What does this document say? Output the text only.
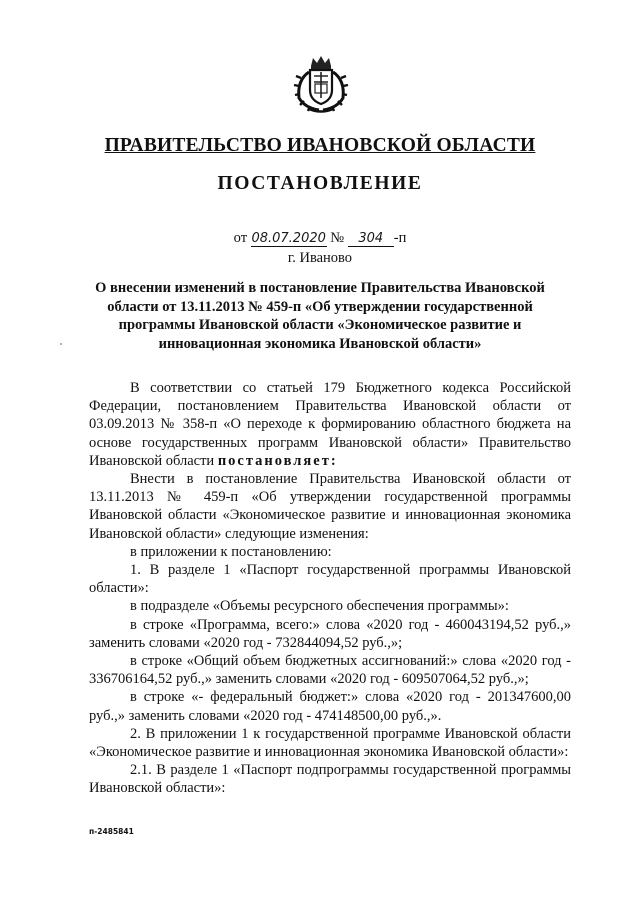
ПРАВИТЕЛЬСТВО ИВАНОВСКОЙ ОБЛАСТИ
ПОСТАНОВЛЕНИЕ
от 08.07.2020 № 304 -п
г. Иваново
О внесении изменений в постановление Правительства Ивановской области от 13.11.2013 № 459-п «Об утверждении государственной программы Ивановской области «Экономическое развитие и инновационная экономика Ивановской области»

В соответствии со статьей 179 Бюджетного кодекса Российской Федерации, постановлением Правительства Ивановской области от 03.09.2013 № 358-п «О переходе к формированию областного бюджета на основе государственных программ Ивановской области» Правительство Ивановской области постановляет:

Внести в постановление Правительства Ивановской области от 13.11.2013 № 459-п «Об утверждении государственной программы Ивановской области «Экономическое развитие и инновационная экономика Ивановской области» следующие изменения:

в приложении к постановлению:

1. В разделе 1 «Паспорт государственной программы Ивановской области»:

в подразделе «Объемы ресурсного обеспечения программы»:

в строке «Программа, всего:» слова «2020 год - 460043194,52 руб.,» заменить словами «2020 год - 732844094,52 руб.,»;

в строке «Общий объем бюджетных ассигнований:» слова «2020 год - 336706164,52 руб.,» заменить словами «2020 год - 609507064,52 руб.,»;

в строке «- федеральный бюджет:» слова «2020 год - 201347600,00 руб.,» заменить словами «2020 год - 474148500,00 руб.,».

2. В приложении 1 к государственной программе Ивановской области «Экономическое развитие и инновационная экономика Ивановской области»:

2.1. В разделе 1 «Паспорт подпрограммы государственной программы Ивановской области»:

п-2485841
